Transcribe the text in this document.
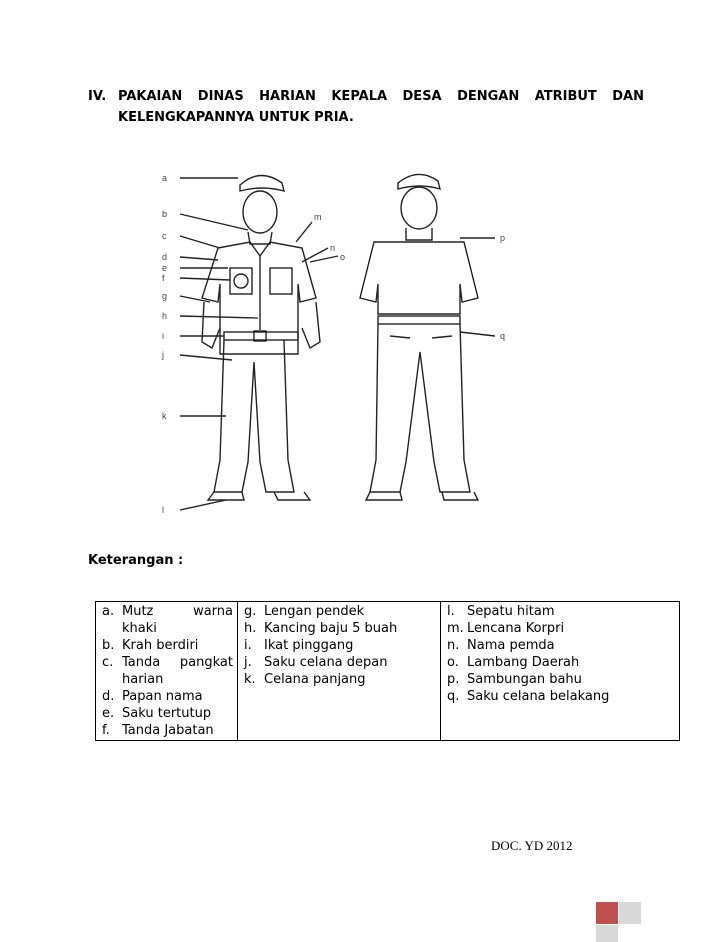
IV. PAKAIAN DINAS HARIAN KEPALA DESA DENGAN ATRIBUT DAN
KELENGKAPANNYA UNTUK PRIA.
a
b
c
d
e
f
g
h
i
j
k
l
m
n
o
p
q
Keterangan :
a. Mutz warna khaki
b. Krah berdiri
c. Tanda pangkat harian
d. Papan nama
e. Saku tertutup
f. Tanda Jabatan

g. Lengan pendek
h. Kancing baju 5 buah
i. Ikat pinggang
j. Saku celana depan
k. Celana panjang

l. Sepatu hitam
m. Lencana Korpri
n. Nama pemda
o. Lambang Daerah
p. Sambungan bahu
q. Saku celana belakang
DOC. YD 2012
